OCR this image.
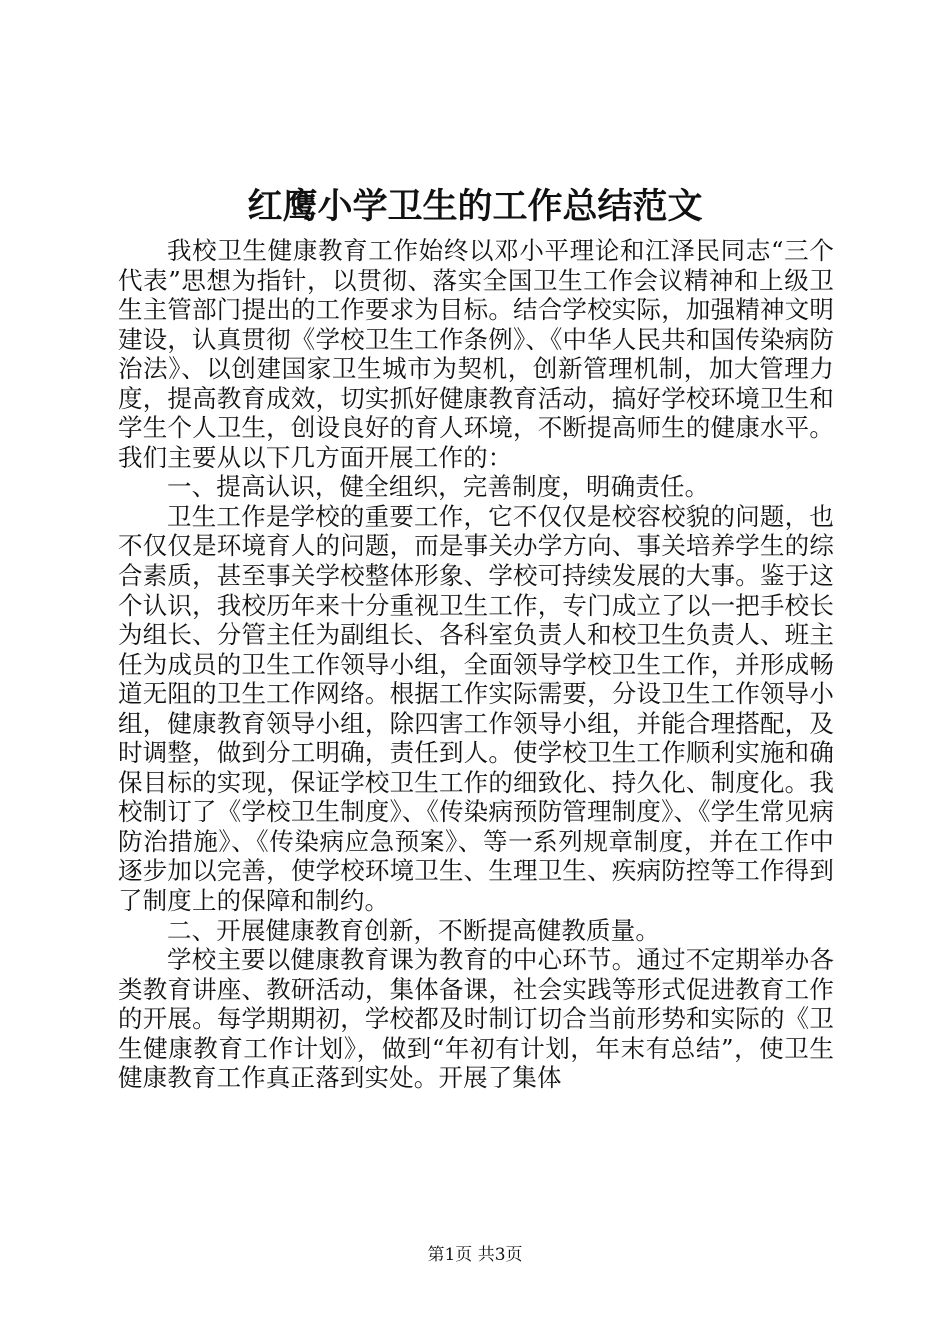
红鹰小学卫生的工作总结范文

我校卫生健康教育工作始终以邓小平理论和江泽民同志“三个代表”思想为指针，以贯彻、落实全国卫生工作会议精神和上级卫生主管部门提出的工作要求为目标。结合学校实际，加强精神文明建设，认真贯彻《学校卫生工作条例》、《中华人民共和国传染病防治法》、以创建国家卫生城市为契机，创新管理机制，加大管理力度，提高教育成效，切实抓好健康教育活动，搞好学校环境卫生和学生个人卫生，创设良好的育人环境，不断提高师生的健康水平。我们主要从以下几方面开展工作的：

一、提高认识，健全组织，完善制度，明确责任。

卫生工作是学校的重要工作，它不仅仅是校容校貌的问题，也不仅仅是环境育人的问题，而是事关办学方向、事关培养学生的综合素质，甚至事关学校整体形象、学校可持续发展的大事。鉴于这个认识，我校历年来十分重视卫生工作，专门成立了以一把手校长为组长、分管主任为副组长、各科室负责人和校卫生负责人、班主任为成员的卫生工作领导小组，全面领导学校卫生工作，并形成畅道无阻的卫生工作网络。根据工作实际需要，分设卫生工作领导小组，健康教育领导小组，除四害工作领导小组，并能合理搭配，及时调整，做到分工明确，责任到人。使学校卫生工作顺利实施和确保目标的实现，保证学校卫生工作的细致化、持久化、制度化。我校制订了《学校卫生制度》、《传染病预防管理制度》、《学生常见病防治措施》、《传染病应急预案》、等一系列规章制度，并在工作中逐步加以完善，使学校环境卫生、生理卫生、疾病防控等工作得到了制度上的保障和制约。

二、开展健康教育创新，不断提高健教质量。

学校主要以健康教育课为教育的中心环节。通过不定期举办各类教育讲座、教研活动，集体备课，社会实践等形式促进教育工作的开展。每学期期初，学校都及时制订切合当前形势和实际的《卫生健康教育工作计划》，做到“年初有计划，年末有总结”，使卫生健康教育工作真正落到实处。开展了集体

第1页 共3页
